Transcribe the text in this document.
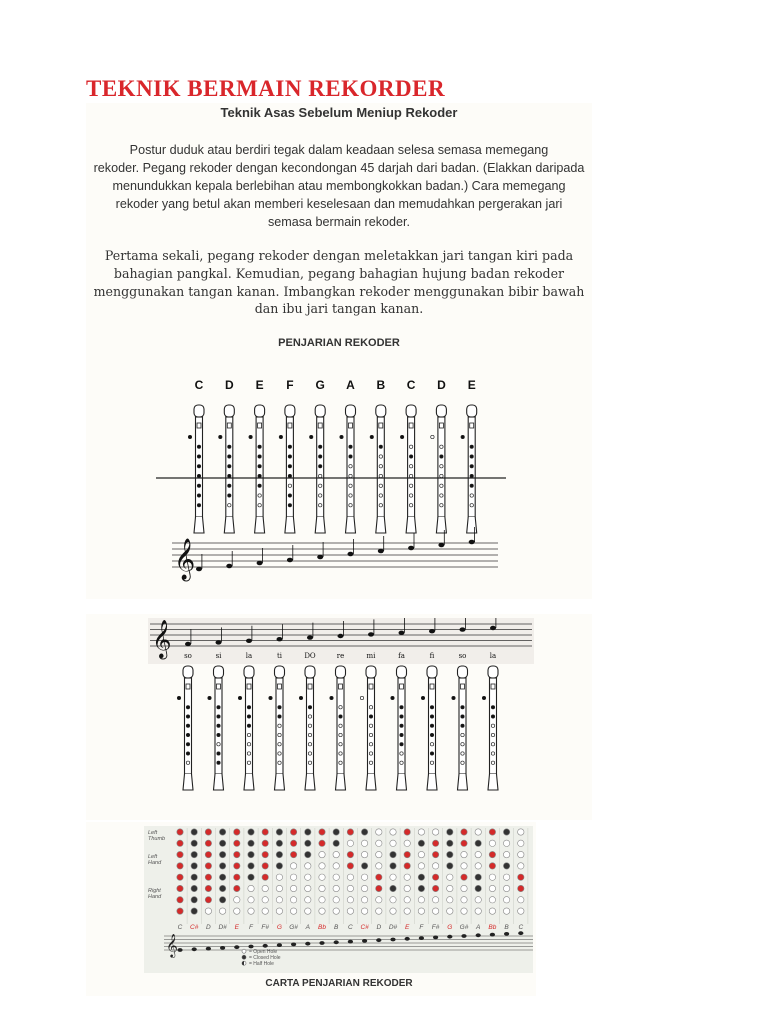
TEKNIK BERMAIN REKORDER
Teknik Asas Sebelum Meniup Rekoder
Postur duduk atau berdiri tegak dalam keadaan selesa semasa memegang
rekoder. Pegang rekoder dengan kecondongan 45 darjah dari badan. (Elakkan daripada
menundukkan kepala berlebihan atau membongkokkan badan.) Cara memegang
rekoder yang betul akan memberi keselesaan dan memudahkan pergerakan jari
semasa bermain rekoder.
Pertama sekali, pegang rekoder dengan meletakkan jari tangan kiri pada
bahagian pangkal. Kemudian, pegang bahagian hujung badan rekoder
menggunakan tangan kanan. Imbangkan rekoder menggunakan bibir bawah
dan ibu jari tangan kanan.
PENJARIAN REKODER
C D E F G A B C D E
𝄞
𝄞 so	si	la	ti	DO	re	mi	fa	fi	so	la
Left
Thumb
Left
Hand
Right
Hand
C C# D D# E F F# G G# A Bb B C C# D D# E F F# G G# A Bb B C
𝄞	= Open Hole
= Closed Hole
= Half Hole
CARTA PENJARIAN REKODER
